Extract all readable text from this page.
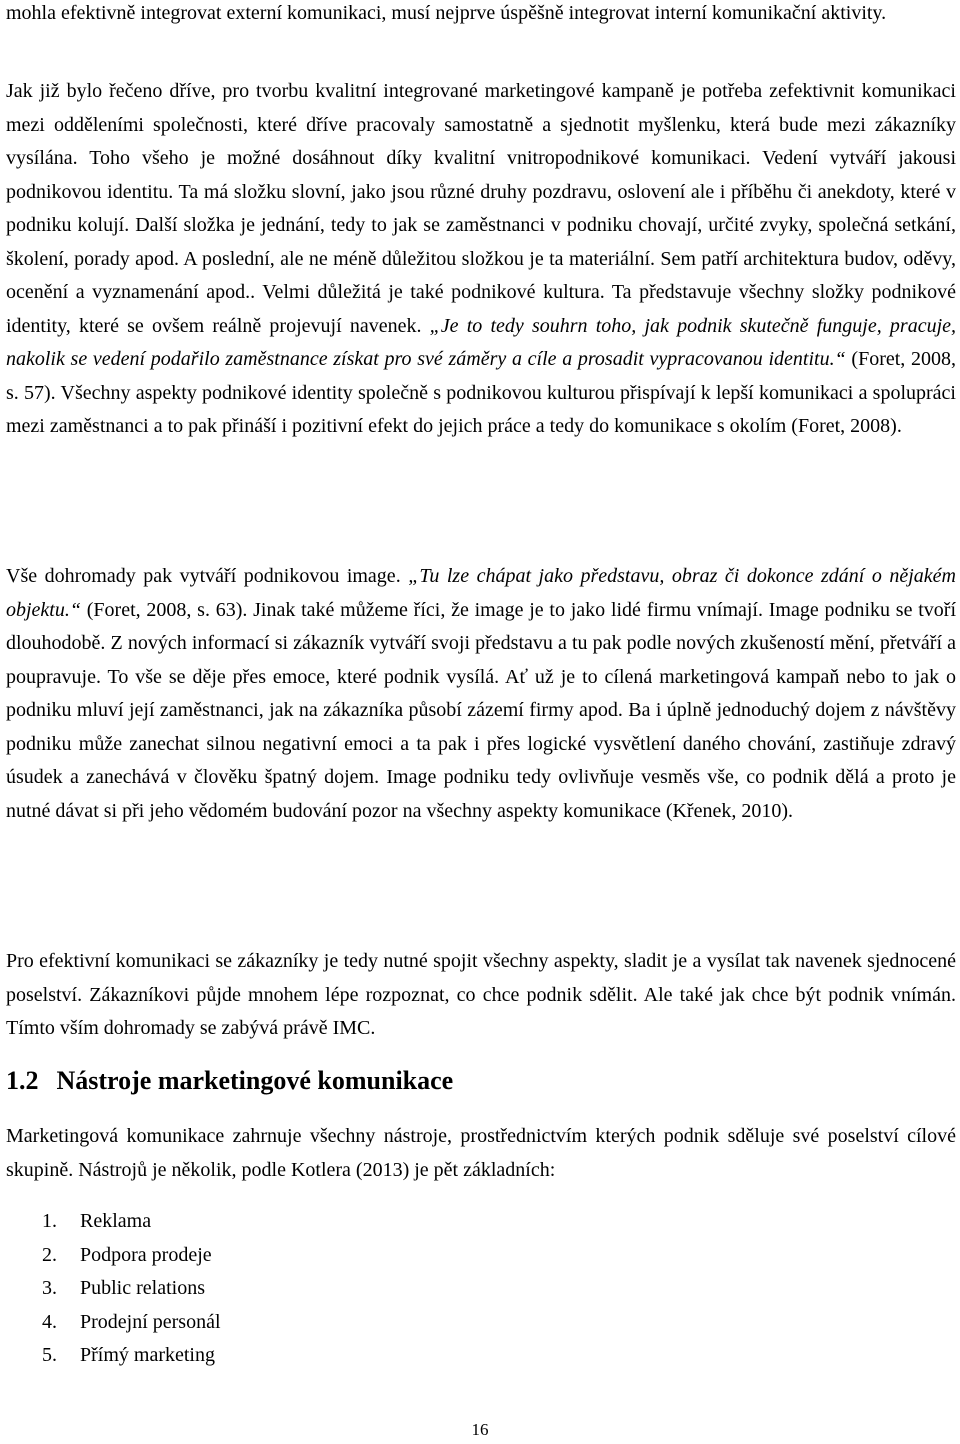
mohla efektivně integrovat externí komunikaci, musí nejprve úspěšně integrovat interní komunikační aktivity.

Jak již bylo řečeno dříve, pro tvorbu kvalitní integrované marketingové kampaně je potřeba zefektivnit komunikaci mezi odděleními společnosti, které dříve pracovaly samostatně a sjednotit myšlenku, která bude mezi zákazníky vysílána. Toho všeho je možné dosáhnout díky kvalitní vnitropodnikové komunikaci. Vedení vytváří jakousi podnikovou identitu. Ta má složku slovní, jako jsou různé druhy pozdravu, oslovení ale i příběhu či anekdoty, které v podniku kolují. Další složka je jednání, tedy to jak se zaměstnanci v podniku chovají, určité zvyky, společná setkání, školení, porady apod. A poslední, ale ne méně důležitou složkou je ta materiální. Sem patří architektura budov, oděvy, ocenění a vyznamenání apod.. Velmi důležitá je také podnikové kultura. Ta představuje všechny složky podnikové identity, které se ovšem reálně projevují navenek. „Je to tedy souhrn toho, jak podnik skutečně funguje, pracuje, nakolik se vedení podařilo zaměstnance získat pro své záměry a cíle a prosadit vypracovanou identitu.“ (Foret, 2008, s. 57). Všechny aspekty podnikové identity společně s podnikovou kulturou přispívají k lepší komunikaci a spolupráci mezi zaměstnanci a to pak přináší i pozitivní efekt do jejich práce a tedy do komunikace s okolím (Foret, 2008).

Vše dohromady pak vytváří podnikovou image. „Tu lze chápat jako představu, obraz či dokonce zdání o nějakém objektu.“ (Foret, 2008, s. 63). Jinak také můžeme říci, že image je to jako lidé firmu vnímají. Image podniku se tvoří dlouhodobě. Z nových informací si zákazník vytváří svoji představu a tu pak podle nových zkušeností mění, přetváří a poupravuje. To vše se děje přes emoce, které podnik vysílá. Ať už je to cílená marketingová kampaň nebo to jak o podniku mluví její zaměstnanci, jak na zákazníka působí zázemí firmy apod. Ba i úplně jednoduchý dojem z návštěvy podniku může zanechat silnou negativní emoci a ta pak i přes logické vysvětlení daného chování, zastiňuje zdravý úsudek a zanechává v člověku špatný dojem. Image podniku tedy ovlivňuje vesměs vše, co podnik dělá a proto je nutné dávat si při jeho vědomém budování pozor na všechny aspekty komunikace (Křenek, 2010).

Pro efektivní komunikaci se zákazníky je tedy nutné spojit všechny aspekty, sladit je a vysílat tak navenek sjednocené poselství. Zákazníkovi půjde mnohem lépe rozpoznat, co chce podnik sdělit. Ale také jak chce být podnik vnímán. Tímto vším dohromady se zabývá právě IMC.

1.2 Nástroje marketingové komunikace

Marketingová komunikace zahrnuje všechny nástroje, prostřednictvím kterých podnik sděluje své poselství cílové skupině. Nástrojů je několik, podle Kotlera (2013) je pět základních:

1.	Reklama
2.	Podpora prodeje
3.	Public relations
4.	Prodejní personál
5.	Přímý marketing
16
